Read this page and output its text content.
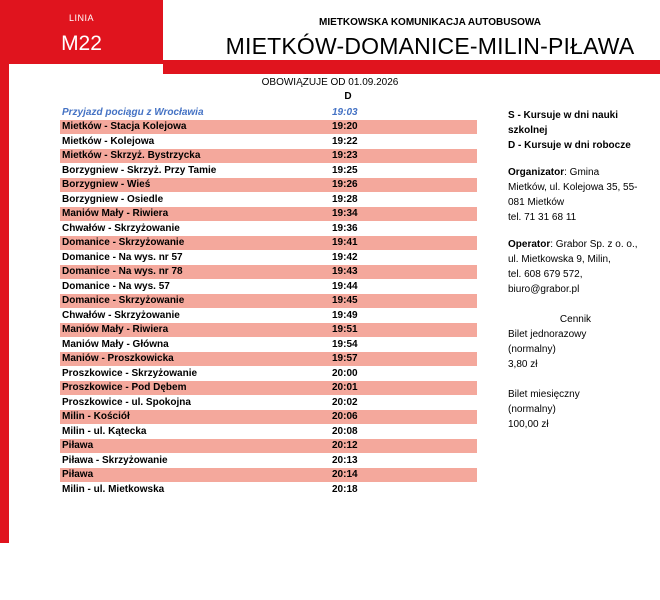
LINIA
M22
MIETKOWSKA KOMUNIKACJA AUTOBUSOWA
MIETKÓW-DOMANICE-MILIN-PIŁAWA
OBOWIĄZUJE OD 01.09.2026
D
Przyjazd pociągu z Wrocławia	19:03
Mietków - Stacja Kolejowa	19:20
Mietków - Kolejowa	19:22
Mietków - Skrzyż. Bystrzycka	19:23
Borzygniew - Skrzyż. Przy Tamie	19:25
Borzygniew - Wieś	19:26
Borzygniew - Osiedle	19:28
Maniów Mały - Riwiera	19:34
Chwałów - Skrzyżowanie	19:36
Domanice - Skrzyżowanie	19:41
Domanice - Na wys. nr 57	19:42
Domanice - Na wys. nr 78	19:43
Domanice - Na wys. 57	19:44
Domanice - Skrzyżowanie	19:45
Chwałów - Skrzyżowanie	19:49
Maniów Mały - Riwiera	19:51
Maniów Mały - Główna	19:54
Maniów - Proszkowicka	19:57
Proszkowice - Skrzyżowanie	20:00
Proszkowice - Pod Dębem	20:01
Proszkowice - ul. Spokojna	20:02
Milin - Kościół	20:06
Milin - ul. Kątecka	20:08
Piława	20:12
Piława - Skrzyżowanie	20:13
Piława	20:14
Milin - ul. Mietkowska	20:18
S - Kursuje w dni nauki szkolnej
D - Kursuje w dni robocze
Organizator: Gmina
Mietków, ul. Kolejowa 35, 55-
081 Mietków
tel. 71 31 68 11
Operator: Grabor Sp. z o. o.,
ul. Mietkowska 9, Milin,
tel. 608 679 572,
biuro@grabor.pl
Cennik
Bilet jednorazowy
(normalny)
3,80 zł
Bilet miesięczny
(normalny)
100,00 zł
